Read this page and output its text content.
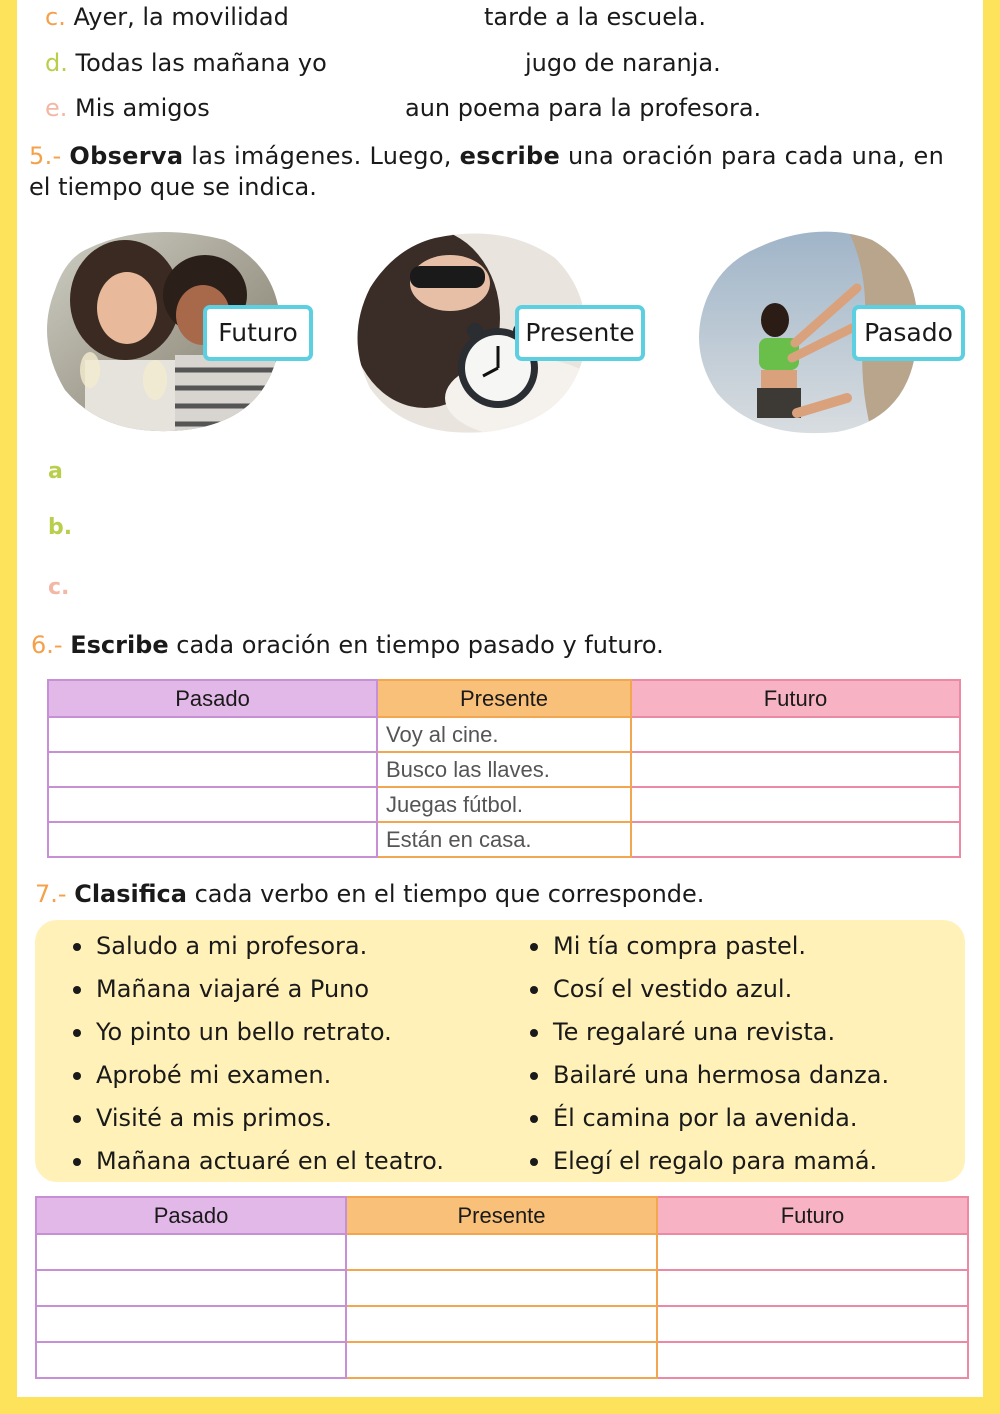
c. Ayer, la movilidad	tarde a la escuela.
d. Todas las mañana yo	jugo de naranja.
e. Mis amigos	aun poema para la profesora.
5.- Observa las imágenes. Luego, escribe una oración para cada una, en
el tiempo que se indica.
Futuro	Presente	Pasado
a
b.
c.
6.- Escribe cada oración en tiempo pasado y futuro.
Pasado	Presente	Futuro
	Voy al cine.	
	Busco las llaves.	
	Juegas fútbol.	
	Están en casa.	
7.- Clasifica cada verbo en el tiempo que corresponde.
Saludo a mi profesora.
Mañana viajaré a Puno
Yo pinto un bello retrato.
Aprobé mi examen.
Visité a mis primos.
Mañana actuaré en el teatro.
Mi tía compra pastel.
Cosí el vestido azul.
Te regalaré una revista.
Bailaré una hermosa danza.
Él camina por la avenida.
Elegí el regalo para mamá.
Pasado	Presente	Futuro
